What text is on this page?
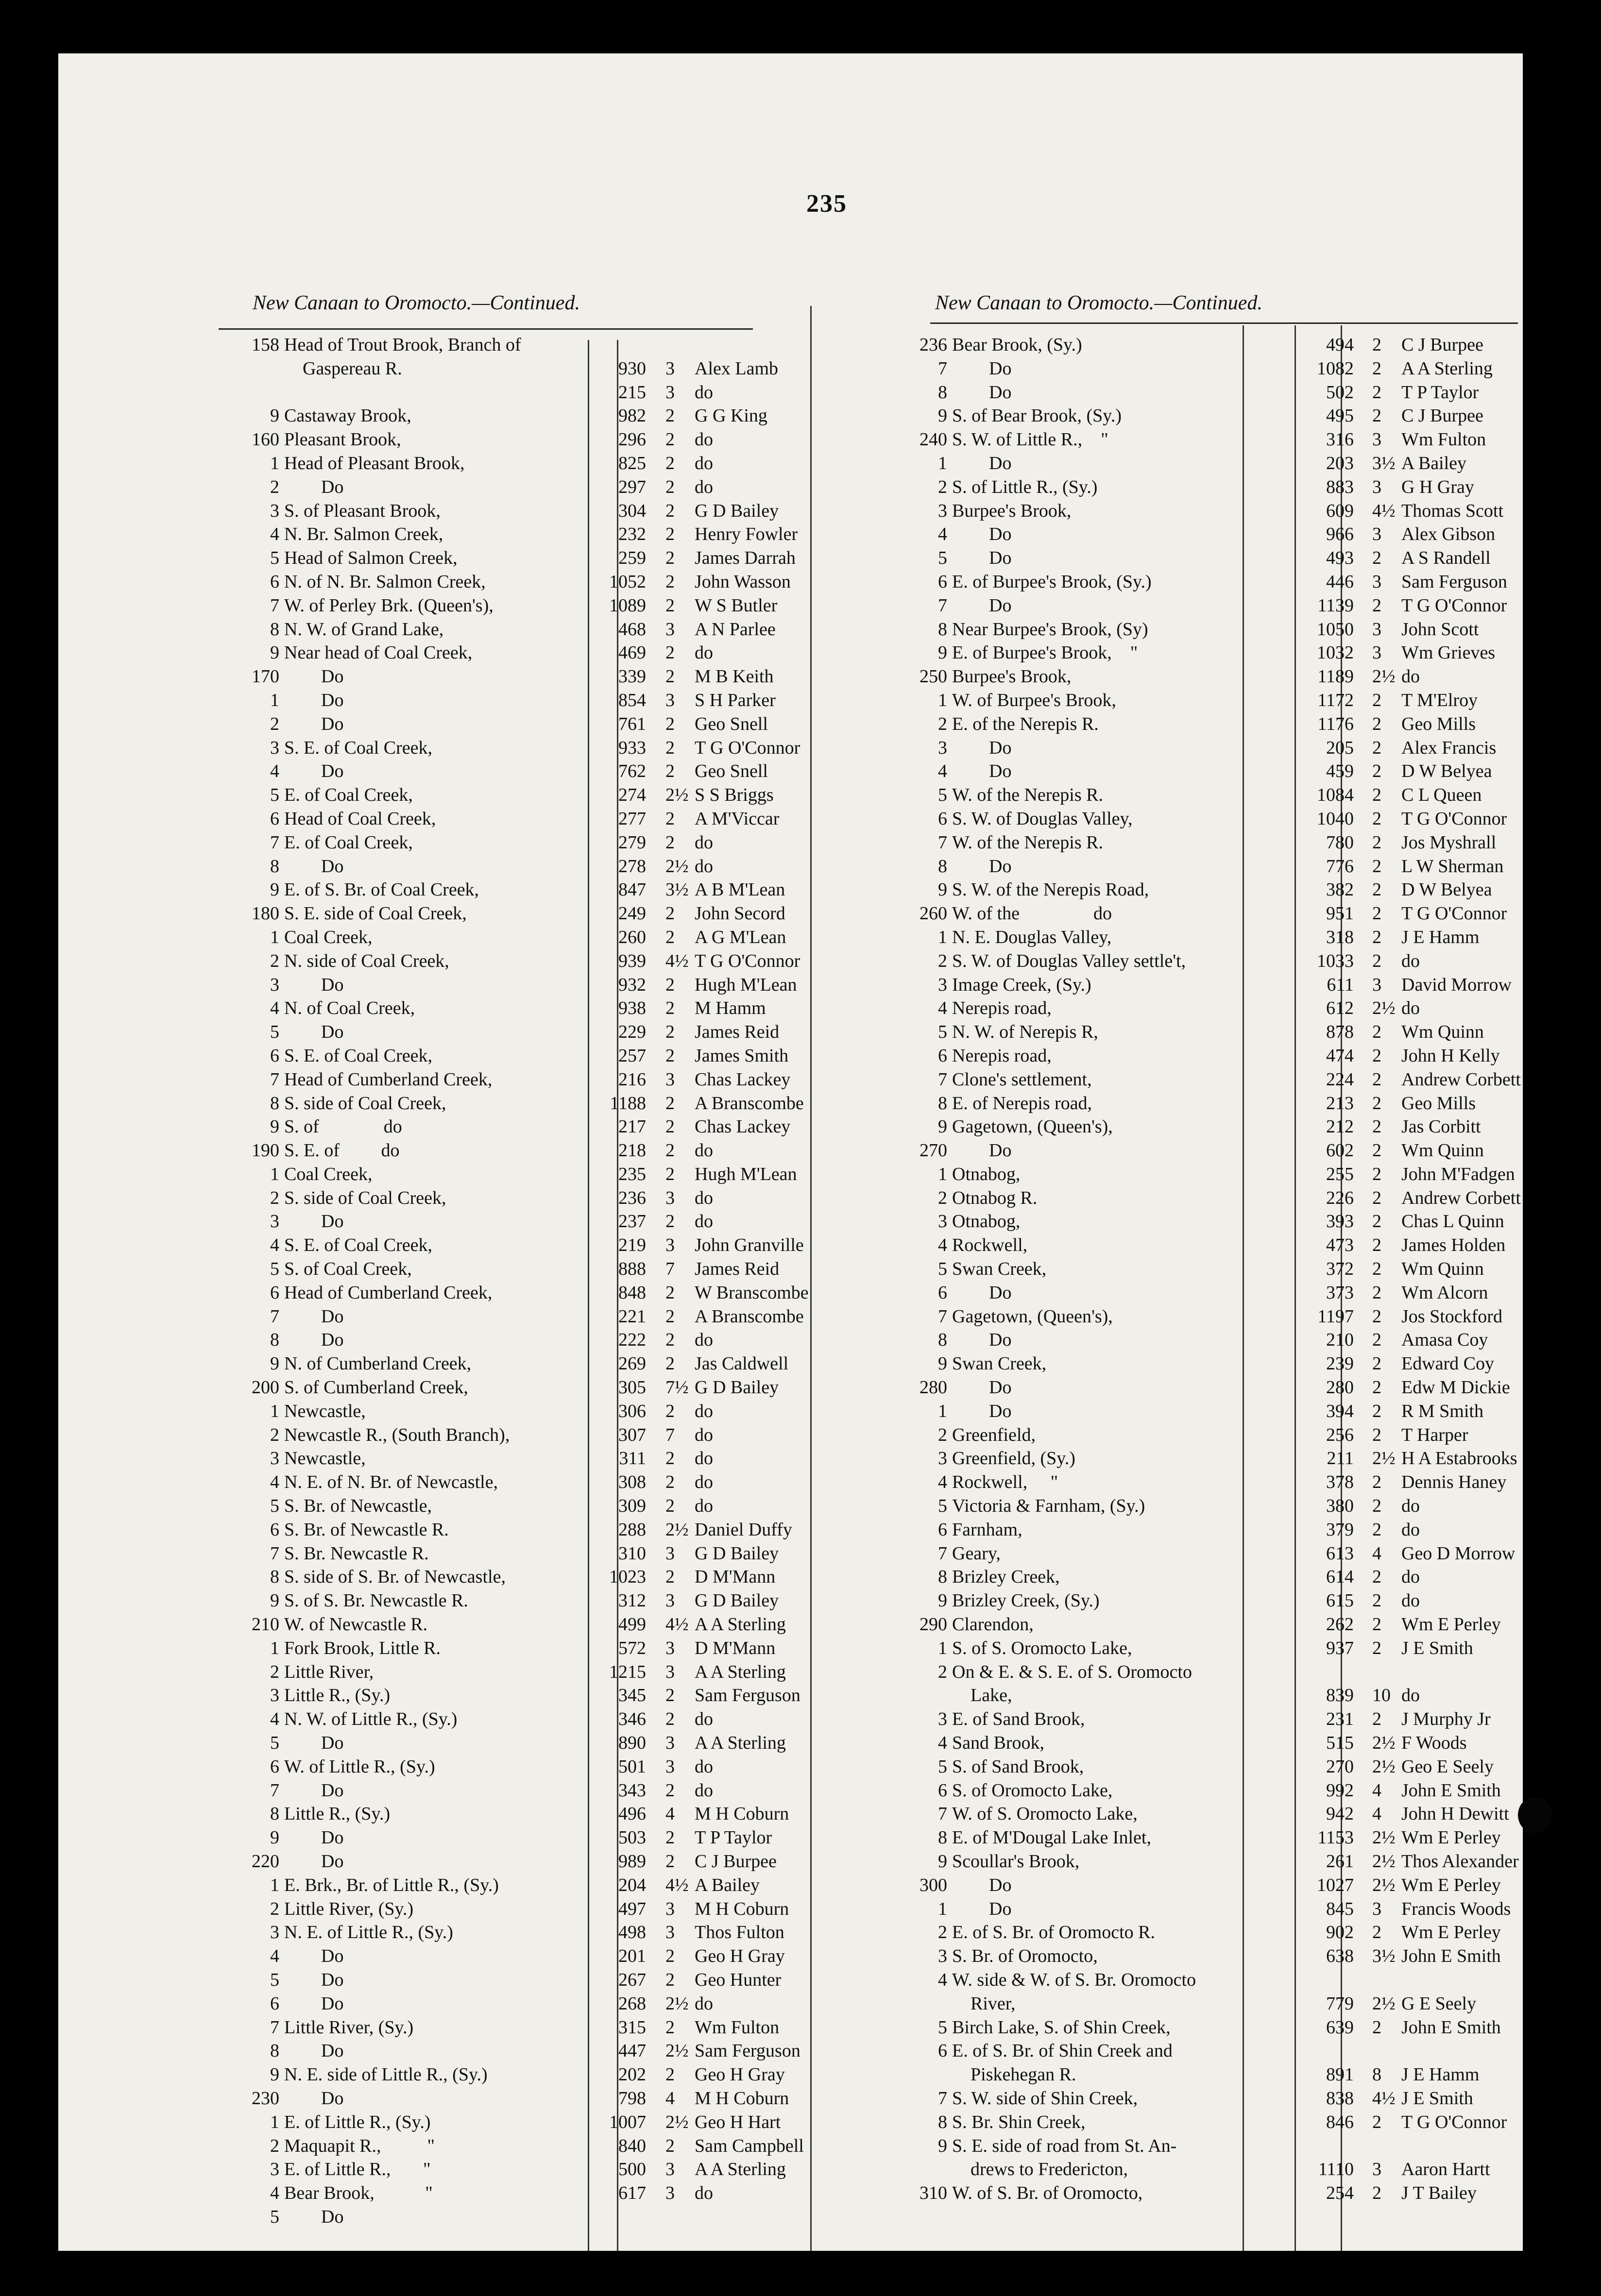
235
New Canaan to Oromocto.—Continued.	New Canaan to Oromocto.—Continued.
158 Head of Trout Brook, Branch of
Gaspereau R.	930 3 Alex Lamb
215 3 do
9 Castaway Brook,	982 2 G G King
160 Pleasant Brook,	296 2 do
1 Head of Pleasant Brook,	825 2 do
2 Do	297 2 do
3 S. of Pleasant Brook,	304 2 G D Bailey
4 N. Br. Salmon Creek,	232 2 Henry Fowler
5 Head of Salmon Creek,	259 2 James Darrah
6 N. of N. Br. Salmon Creek,	1052 2 John Wasson
7 W. of Perley Brk. (Queen's),	1089 2 W S Butler
8 N. W. of Grand Lake,	468 3 A N Parlee
9 Near head of Coal Creek,	469 2 do
170 Do	339 2 M B Keith
1 Do	854 3 S H Parker
2 Do	761 2 Geo Snell
3 S. E. of Coal Creek,	933 2 T G O'Connor
4 Do	762 2 Geo Snell
5 E. of Coal Creek,	274 2½ S S Briggs
6 Head of Coal Creek,	277 2 A M'Viccar
7 E. of Coal Creek,	279 2 do
8 Do	278 2½ do
9 E. of S. Br. of Coal Creek,	847 3½ A B M'Lean
180 S. E. side of Coal Creek,	249 2 John Secord
1 Coal Creek,	260 2 A G M'Lean
2 N. side of Coal Creek,	939 4½ T G O'Connor
3 Do	932 2 Hugh M'Lean
4 N. of Coal Creek,	938 2 M Hamm
5 Do	229 2 James Reid
6 S. E. of Coal Creek,	257 2 James Smith
7 Head of Cumberland Creek,	216 3 Chas Lackey
8 S. side of Coal Creek,	1188 2 A Branscombe
9 S. of              do	217 2 Chas Lackey
190 S. E. of         do	218 2 do
1 Coal Creek,	235 2 Hugh M'Lean
2 S. side of Coal Creek,	236 3 do
3 Do	237 2 do
4 S. E. of Coal Creek,	219 3 John Granville
5 S. of Coal Creek,	888 7 James Reid
6 Head of Cumberland Creek,	848 2 W Branscombe
7 Do	221 2 A Branscombe
8 Do	222 2 do
9 N. of Cumberland Creek,	269 2 Jas Caldwell
200 S. of Cumberland Creek,	305 7½ G D Bailey
1 Newcastle,	306 2 do
2 Newcastle R., (South Branch),	307 7 do
3 Newcastle,	311 2 do
4 N. E. of N. Br. of Newcastle,	308 2 do
5 S. Br. of Newcastle,	309 2 do
6 S. Br. of Newcastle R.	288 2½ Daniel Duffy
7 S. Br. Newcastle R.	310 3 G D Bailey
8 S. side of S. Br. of Newcastle,	1023 2 D M'Mann
9 S. of S. Br. Newcastle R.	312 3 G D Bailey
210 W. of Newcastle R.	499 4½ A A Sterling
1 Fork Brook, Little R.	572 3 D M'Mann
2 Little River,	1215 3 A A Sterling
3 Little R., (Sy.)	345 2 Sam Ferguson
4 N. W. of Little R., (Sy.)	346 2 do
5 Do	890 3 A A Sterling
6 W. of Little R., (Sy.)	501 3 do
7 Do	343 2 do
8 Little R., (Sy.)	496 4 M H Coburn
9 Do	503 2 T P Taylor
220 Do	989 2 C J Burpee
1 E. Brk., Br. of Little R., (Sy.)	204 4½ A Bailey
2 Little River, (Sy.)	497 3 M H Coburn
3 N. E. of Little R., (Sy.)	498 3 Thos Fulton
4 Do	201 2 Geo H Gray
5 Do	267 2 Geo Hunter
6 Do	268 2½ do
7 Little River, (Sy.)	315 2 Wm Fulton
8 Do	447 2½ Sam Ferguson
9 N. E. side of Little R., (Sy.)	202 2 Geo H Gray
230 Do	798 4 M H Coburn
1 E. of Little R., (Sy.)	1007 2½ Geo H Hart
2 Maquapit R.,          "	840 2 Sam Campbell
3 E. of Little R.,       "	500 3 A A Sterling
4 Bear Brook,           "	617 3 do
5 Do
236 Bear Brook, (Sy.)	494 2 C J Burpee
7 Do	1082 2 A A Sterling
8 Do	502 2 T P Taylor
9 S. of Bear Brook, (Sy.)	495 2 C J Burpee
240 S. W. of Little R.,    "	316 3 Wm Fulton
1 Do	203 3½ A Bailey
2 S. of Little R., (Sy.)	883 3 G H Gray
3 Burpee's Brook,	609 4½ Thomas Scott
4 Do	966 3 Alex Gibson
5 Do	493 2 A S Randell
6 E. of Burpee's Brook, (Sy.)	446 3 Sam Ferguson
7 Do	1139 2 T G O'Connor
8 Near Burpee's Brook, (Sy)	1050 3 John Scott
9 E. of Burpee's Brook,    "	1032 3 Wm Grieves
250 Burpee's Brook,	1189 2½ do
1 W. of Burpee's Brook,	1172 2 T M'Elroy
2 E. of the Nerepis R.	1176 2 Geo Mills
3 Do	205 2 Alex Francis
4 Do	459 2 D W Belyea
5 W. of the Nerepis R.	1084 2 C L Queen
6 S. W. of Douglas Valley,	1040 2 T G O'Connor
7 W. of the Nerepis R.	780 2 Jos Myshrall
8 Do	776 2 L W Sherman
9 S. W. of the Nerepis Road,	382 2 D W Belyea
260 W. of the                do	951 2 T G O'Connor
1 N. E. Douglas Valley,	318 2 J E Hamm
2 S. W. of Douglas Valley settle't,	1033 2 do
3 Image Creek, (Sy.)	611 3 David Morrow
4 Nerepis road,	612 2½ do
5 N. W. of Nerepis R,	878 2 Wm Quinn
6 Nerepis road,	474 2 John H Kelly
7 Clone's settlement,	224 2 Andrew Corbett
8 E. of Nerepis road,	213 2 Geo Mills
9 Gagetown, (Queen's),	212 2 Jas Corbitt
270 Do	602 2 Wm Quinn
1 Otnabog,	255 2 John M'Fadgen
2 Otnabog R.	226 2 Andrew Corbett
3 Otnabog,	393 2 Chas L Quinn
4 Rockwell,	473 2 James Holden
5 Swan Creek,	372 2 Wm Quinn
6 Do	373 2 Wm Alcorn
7 Gagetown, (Queen's),	1197 2 Jos Stockford
8 Do	210 2 Amasa Coy
9 Swan Creek,	239 2 Edward Coy
280 Do	280 2 Edw M Dickie
1 Do	394 2 R M Smith
2 Greenfield,	256 2 T Harper
3 Greenfield, (Sy.)	211 2½ H A Estabrooks
4 Rockwell,     "	378 2 Dennis Haney
5 Victoria & Farnham, (Sy.)	380 2 do
6 Farnham,	379 2 do
7 Geary,	613 4 Geo D Morrow
8 Brizley Creek,	614 2 do
9 Brizley Creek, (Sy.)	615 2 do
290 Clarendon,	262 2 Wm E Perley
1 S. of S. Oromocto Lake,	937 2 J E Smith
2 On & E. & S. E. of S. Oromocto
Lake,	839 10 do
3 E. of Sand Brook,	231 2 J Murphy Jr
4 Sand Brook,	515 2½ F Woods
5 S. of Sand Brook,	270 2½ Geo E Seely
6 S. of Oromocto Lake,	992 4 John E Smith
7 W. of S. Oromocto Lake,	942 4 John H Dewitt
8 E. of M'Dougal Lake Inlet,	1153 2½ Wm E Perley
9 Scoullar's Brook,	261 2½ Thos Alexander
300 Do	1027 2½ Wm E Perley
1 Do	845 3 Francis Woods
2 E. of S. Br. of Oromocto R.	902 2 Wm E Perley
3 S. Br. of Oromocto,	638 3½ John E Smith
4 W. side & W. of S. Br. Oromocto
River,	779 2½ G E Seely
5 Birch Lake, S. of Shin Creek,	639 2 John E Smith
6 E. of S. Br. of Shin Creek and
Piskehegan R.	891 8 J E Hamm
7 S. W. side of Shin Creek,	838 4½ J E Smith
8 S. Br. Shin Creek,	846 2 T G O'Connor
9 S. E. side of road from St. An-
drews to Fredericton,	1110 3 Aaron Hartt
310 W. of S. Br. of Oromocto,	254 2 J T Bailey
